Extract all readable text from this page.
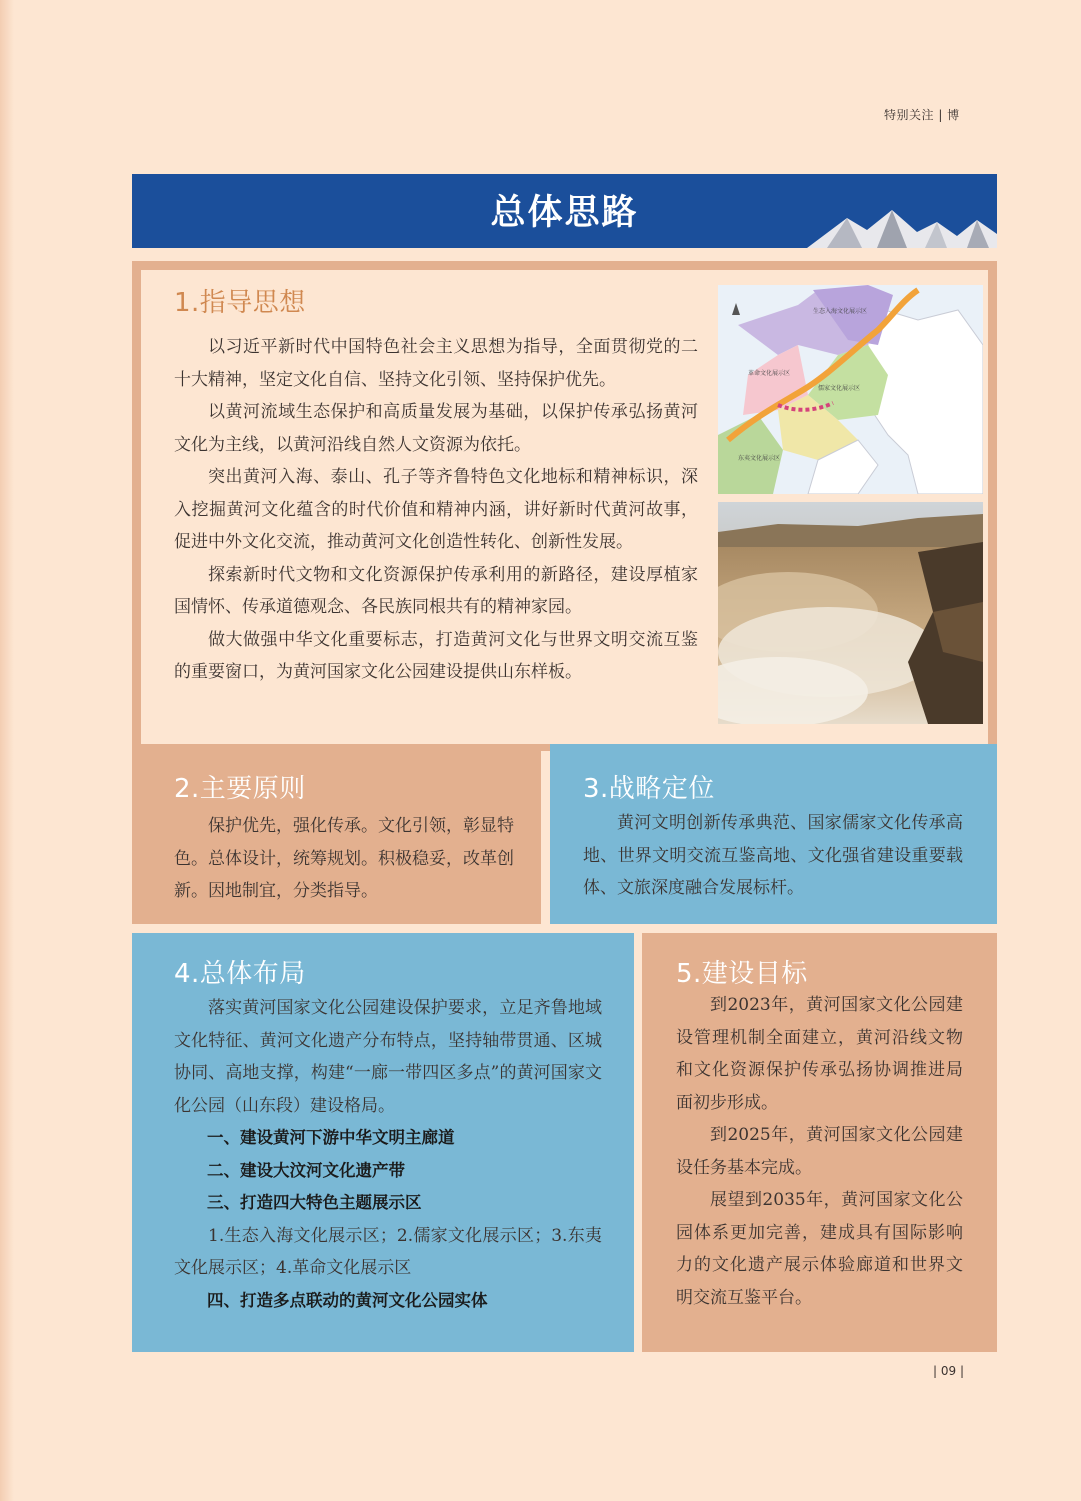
特别关注 | 博
总体思路
1.指导思想

以习近平新时代中国特色社会主义思想为指导，全面贯彻党的二十大精神，坚定文化自信、坚持文化引领、坚持保护优先。

以黄河流域生态保护和高质量发展为基础，以保护传承弘扬黄河文化为主线，以黄河沿线自然人文资源为依托。

突出黄河入海、泰山、孔子等齐鲁特色文化地标和精神标识，深入挖掘黄河文化蕴含的时代价值和精神内涵，讲好新时代黄河故事，促进中外文化交流，推动黄河文化创造性转化、创新性发展。

探索新时代文物和文化资源保护传承利用的新路径，建设厚植家国情怀、传承道德观念、各民族同根共有的精神家园。

做大做强中华文化重要标志，打造黄河文化与世界文明交流互鉴的重要窗口，为黄河国家文化公园建设提供山东样板。

革命文化展示区
儒家文化展示区
生态入海文化展示区
东夷文化展示区
2.主要原则

保护优先，强化传承。文化引领，彰显特色。总体设计，统筹规划。积极稳妥，改革创新。因地制宜，分类指导。

3.战略定位

黄河文明创新传承典范、国家儒家文化传承高地、世界文明交流互鉴高地、文化强省建设重要载体、文旅深度融合发展标杆。

4.总体布局

落实黄河国家文化公园建设保护要求，立足齐鲁地域文化特征、黄河文化遗产分布特点，坚持轴带贯通、区城协同、高地支撑，构建“一廊一带四区多点”的黄河国家文化公园（山东段）建设格局。

一、建设黄河下游中华文明主廊道

二、建设大汶河文化遗产带

三、打造四大特色主题展示区

1.生态入海文化展示区；2.儒家文化展示区；3.东夷文化展示区；4.革命文化展示区

四、打造多点联动的黄河文化公园实体

5.建设目标

到2023年，黄河国家文化公园建设管理机制全面建立，黄河沿线文物和文化资源保护传承弘扬协调推进局面初步形成。

到2025年，黄河国家文化公园建设任务基本完成。

展望到2035年，黄河国家文化公园体系更加完善，建成具有国际影响力的文化遗产展示体验廊道和世界文明交流互鉴平台。

| 09 |
